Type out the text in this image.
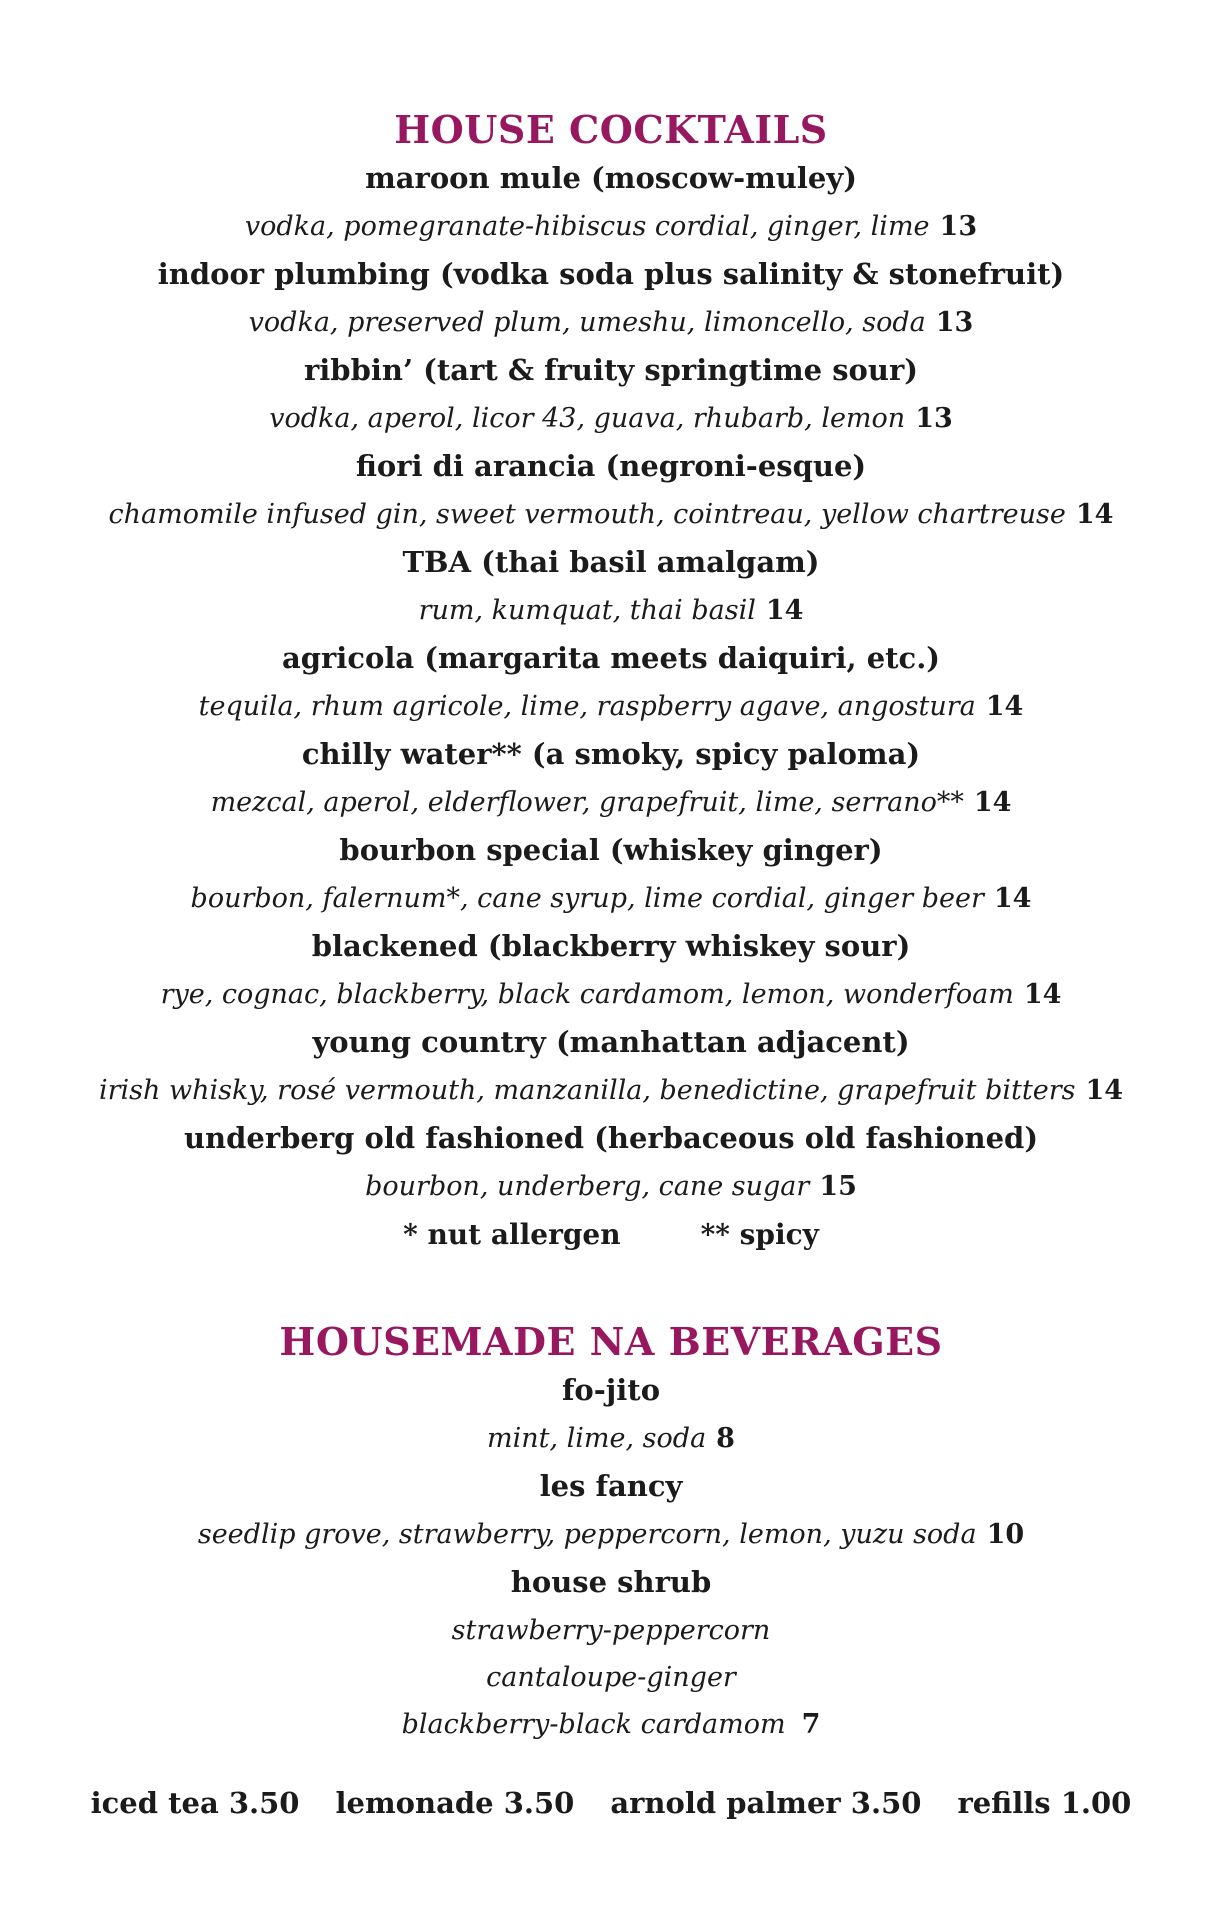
HOUSE COCKTAILS
maroon mule (moscow-muley)
vodka, pomegranate-hibiscus cordial, ginger, lime 13
indoor plumbing (vodka soda plus salinity & stonefruit)
vodka, preserved plum, umeshu, limoncello, soda 13
ribbin’ (tart & fruity springtime sour)
vodka, aperol, licor 43, guava, rhubarb, lemon 13
fiori di arancia (negroni-esque)
chamomile infused gin, sweet vermouth, cointreau, yellow chartreuse 14
TBA (thai basil amalgam)
rum, kumquat, thai basil 14
agricola (margarita meets daiquiri, etc.)
tequila, rhum agricole, lime, raspberry agave, angostura 14
chilly water** (a smoky, spicy paloma)
mezcal, aperol, elderflower, grapefruit, lime, serrano** 14
bourbon special (whiskey ginger)
bourbon, falernum*, cane syrup, lime cordial, ginger beer 14
blackened (blackberry whiskey sour)
rye, cognac, blackberry, black cardamom, lemon, wonderfoam 14
young country (manhattan adjacent)
irish whisky, rosé vermouth, manzanilla, benedictine, grapefruit bitters 14
underberg old fashioned (herbaceous old fashioned)
bourbon, underberg, cane sugar 15
* nut allergen	** spicy
HOUSEMADE NA BEVERAGES
fo-jito
mint, lime, soda 8
les fancy
seedlip grove, strawberry, peppercorn, lemon, yuzu soda 10
house shrub
strawberry-peppercorn
cantaloupe-ginger
blackberry-black cardamom 7
iced tea 3.50 lemonade 3.50 arnold palmer 3.50 refills 1.00
